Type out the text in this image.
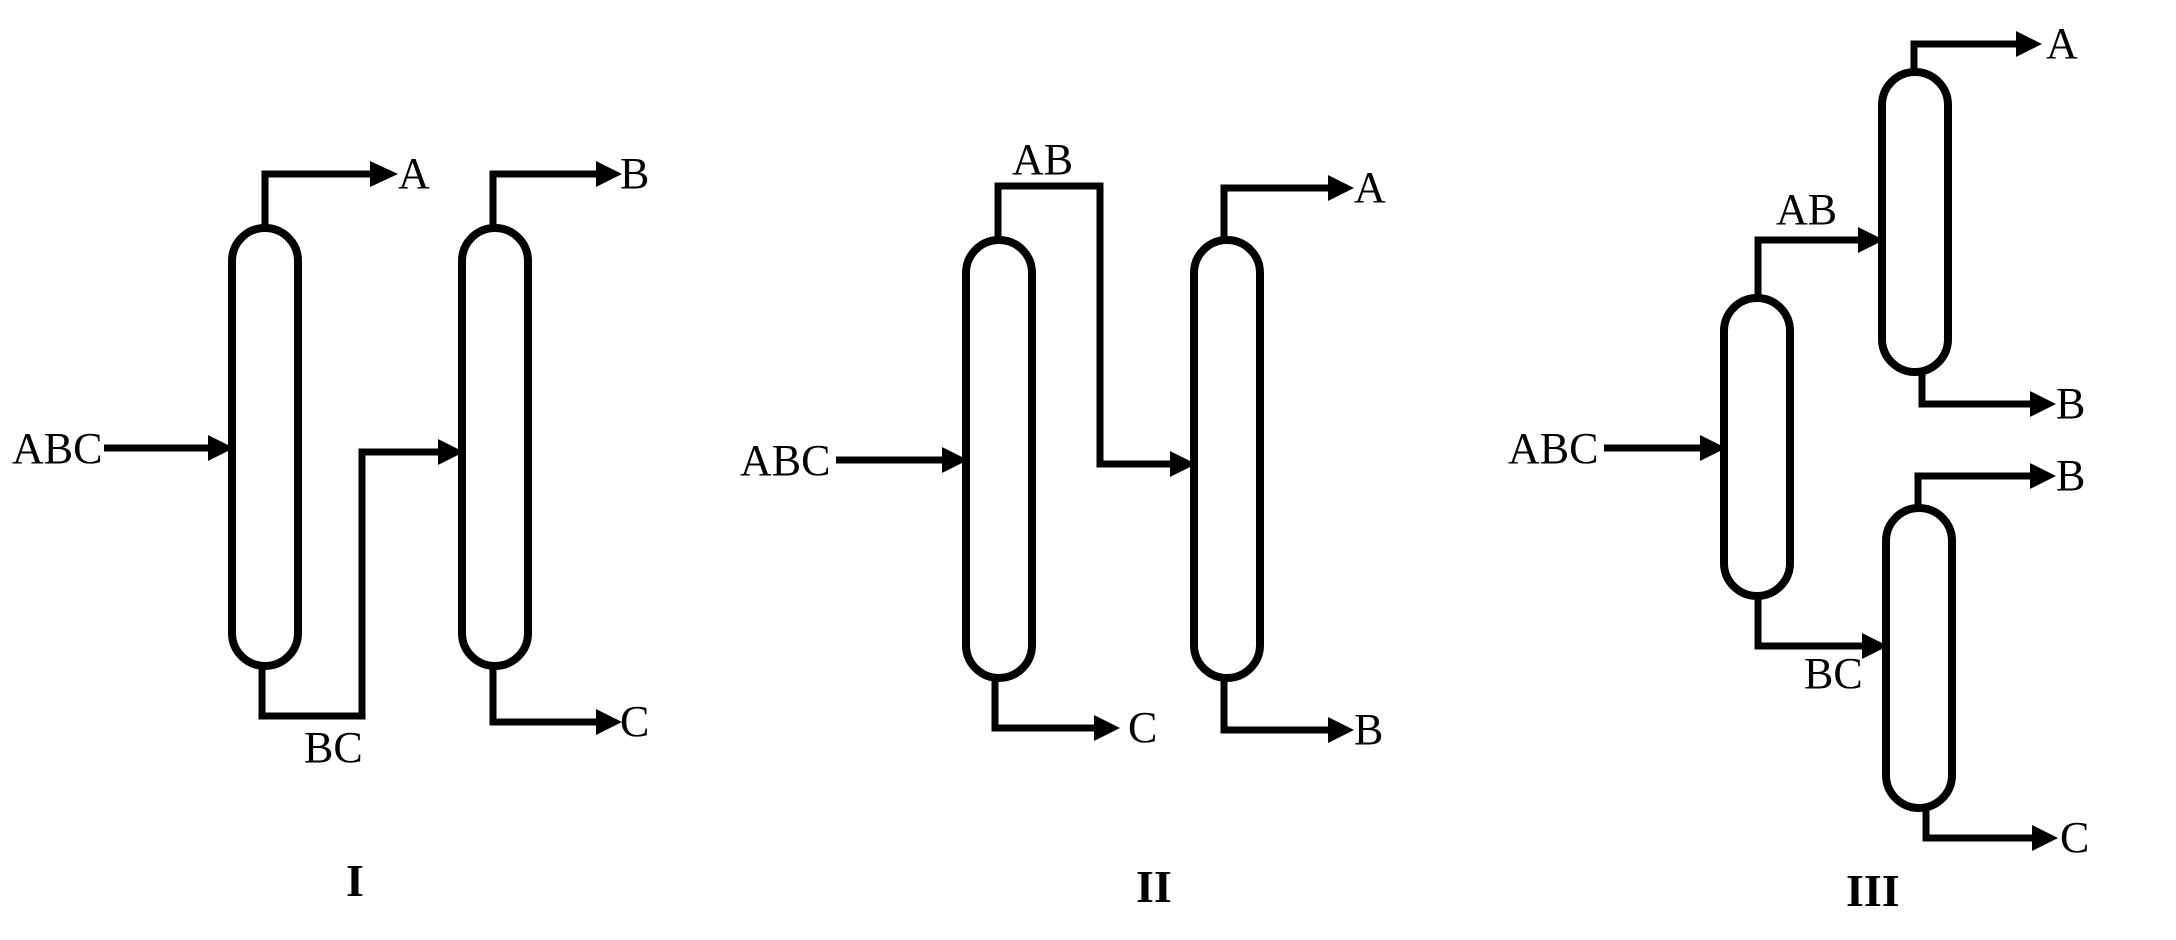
ABC
A
BC
B
C
I
ABC
AB
C
A
B
II
ABC
AB
BC
A
B
B
C
III
